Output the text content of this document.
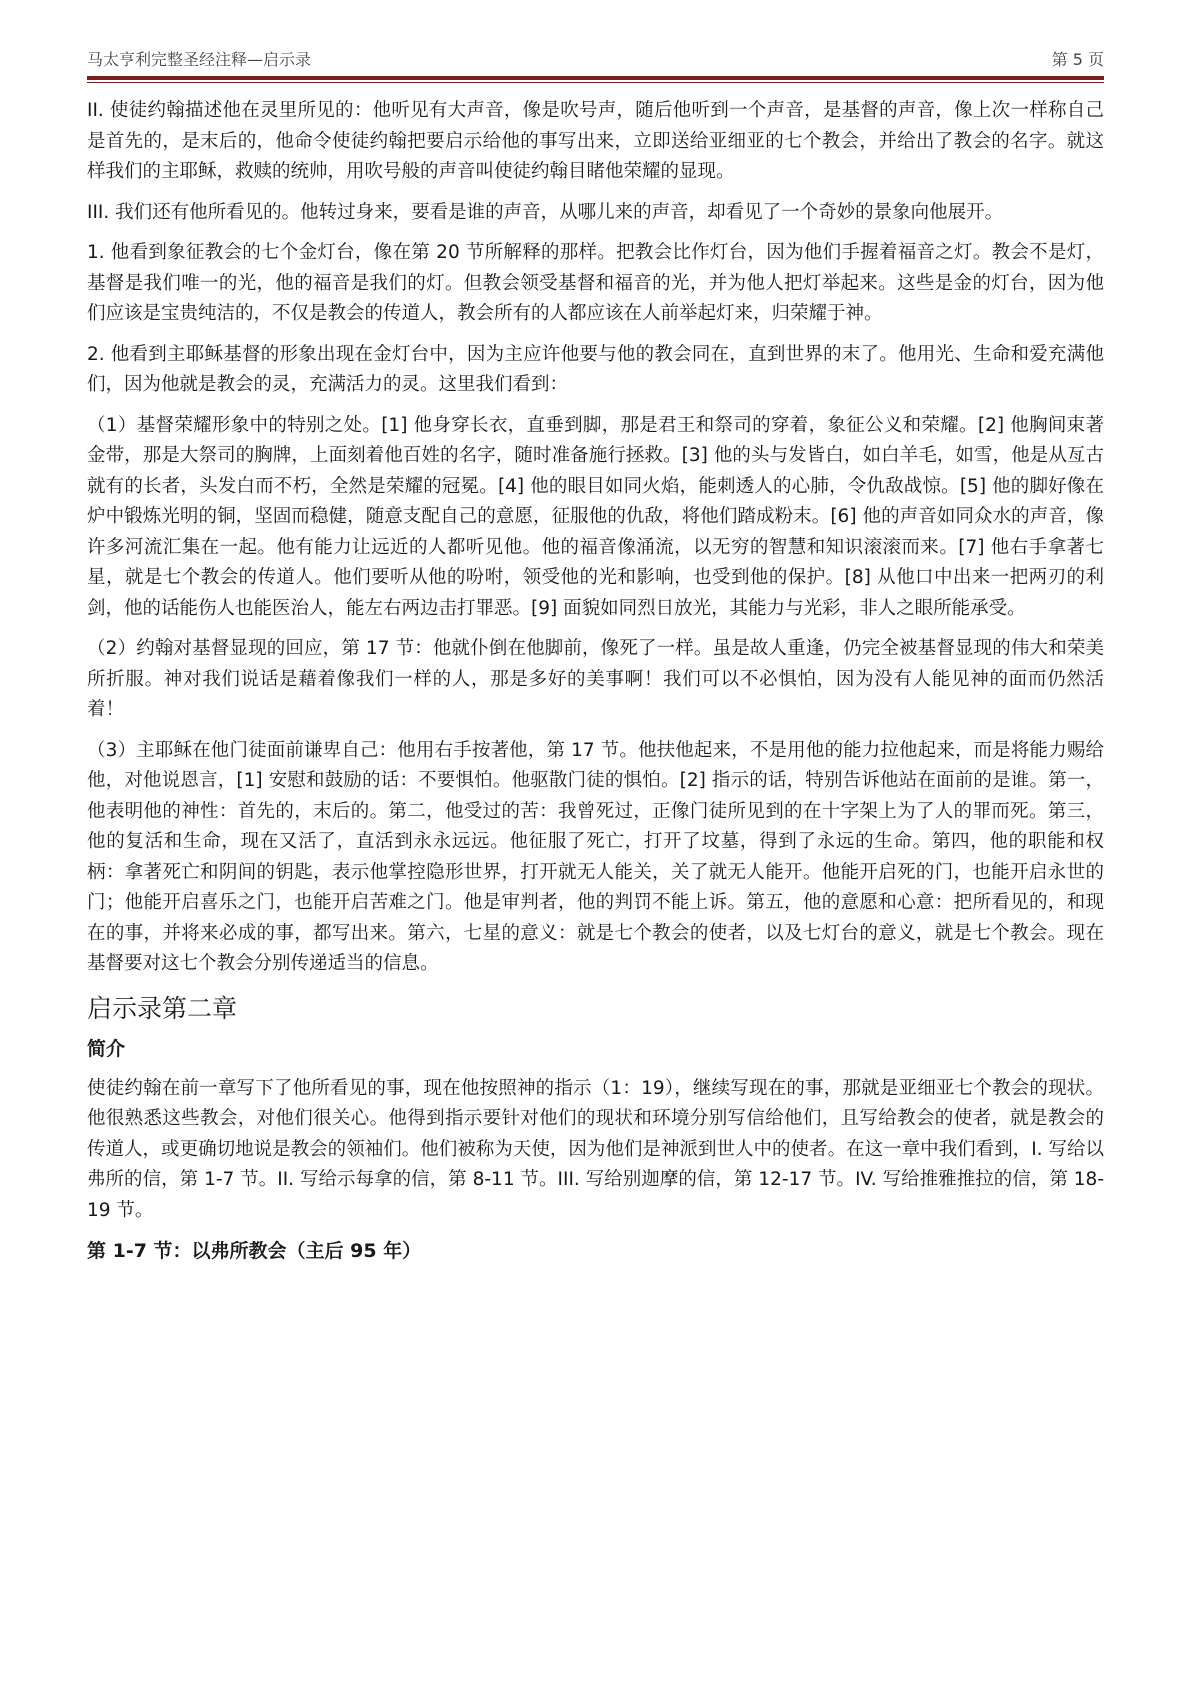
马太亨利完整圣经注释—启示录	第 5 页

II. 使徒约翰描述他在灵里所见的：他听见有大声音，像是吹号声，随后他听到一个声音，是基督的声音，像上次一样称自己是首先的，是末后的，他命令使徒约翰把要启示给他的事写出来，立即送给亚细亚的七个教会，并给出了教会的名字。就这样我们的主耶稣，救赎的统帅，用吹号般的声音叫使徒约翰目睹他荣耀的显现。

III. 我们还有他所看见的。他转过身来，要看是谁的声音，从哪儿来的声音，却看见了一个奇妙的景象向他展开。

1. 他看到象征教会的七个金灯台，像在第 20 节所解释的那样。把教会比作灯台，因为他们手握着福音之灯。教会不是灯，基督是我们唯一的光，他的福音是我们的灯。但教会领受基督和福音的光，并为他人把灯举起来。这些是金的灯台，因为他们应该是宝贵纯洁的，不仅是教会的传道人，教会所有的人都应该在人前举起灯来，归荣耀于神。

2. 他看到主耶稣基督的形象出现在金灯台中，因为主应许他要与他的教会同在，直到世界的末了。他用光、生命和爱充满他们，因为他就是教会的灵，充满活力的灵。这里我们看到：

（1）基督荣耀形象中的特别之处。[1] 他身穿长衣，直垂到脚，那是君王和祭司的穿着，象征公义和荣耀。[2] 他胸间束著金带，那是大祭司的胸牌，上面刻着他百姓的名字，随时准备施行拯救。[3] 他的头与发皆白，如白羊毛，如雪，他是从亙古就有的长者，头发白而不朽，全然是荣耀的冠冕。[4] 他的眼目如同火焰，能刺透人的心肺，令仇敌战惊。[5] 他的脚好像在炉中锻炼光明的铜，坚固而稳健，随意支配自己的意愿，征服他的仇敌，将他们踏成粉末。[6] 他的声音如同众水的声音，像许多河流汇集在一起。他有能力让远近的人都听见他。他的福音像涌流，以无穷的智慧和知识滚滚而来。[7] 他右手拿著七星，就是七个教会的传道人。他们要听从他的吩咐，领受他的光和影响，也受到他的保护。[8] 从他口中出来一把两刃的利剑，他的话能伤人也能医治人，能左右两边击打罪恶。[9] 面貌如同烈日放光，其能力与光彩，非人之眼所能承受。

（2）约翰对基督显现的回应，第 17 节：他就仆倒在他脚前，像死了一样。虽是故人重逢，仍完全被基督显现的伟大和荣美所折服。神对我们说话是藉着像我们一样的人，那是多好的美事啊！我们可以不必惧怕，因为没有人能见神的面而仍然活着！

（3）主耶稣在他门徒面前谦卑自己：他用右手按著他，第 17 节。他扶他起来，不是用他的能力拉他起来，而是将能力赐给他，对他说恩言，[1] 安慰和鼓励的话：不要惧怕。他驱散门徒的惧怕。[2] 指示的话，特别告诉他站在面前的是谁。第一，他表明他的神性：首先的，末后的。第二，他受过的苦：我曾死过，正像门徒所见到的在十字架上为了人的罪而死。第三，他的复活和生命，现在又活了，直活到永永远远。他征服了死亡，打开了坟墓，得到了永远的生命。第四，他的职能和权柄：拿著死亡和阴间的钥匙，表示他掌控隐形世界，打开就无人能关，关了就无人能开。他能开启死的门，也能开启永世的门；他能开启喜乐之门，也能开启苦难之门。他是审判者，他的判罚不能上诉。第五，他的意愿和心意：把所看见的，和现在的事，并将来必成的事，都写出来。第六，七星的意义：就是七个教会的使者，以及七灯台的意义，就是七个教会。现在基督要对这七个教会分别传递适当的信息。

启示录第二章
简介

使徒约翰在前一章写下了他所看见的事，现在他按照神的指示（1：19），继续写现在的事，那就是亚细亚七个教会的现状。他很熟悉这些教会，对他们很关心。他得到指示要针对他们的现状和环境分别写信给他们，且写给教会的使者，就是教会的传道人，或更确切地说是教会的领袖们。他们被称为天使，因为他们是神派到世人中的使者。在这一章中我们看到，I. 写给以弗所的信，第 1-7 节。II. 写给示每拿的信，第 8-11 节。III. 写给别迦摩的信，第 12-17 节。IV. 写给推雅推拉的信，第 18-19 节。

第 1-7 节：以弗所教会（主后 95 年）
